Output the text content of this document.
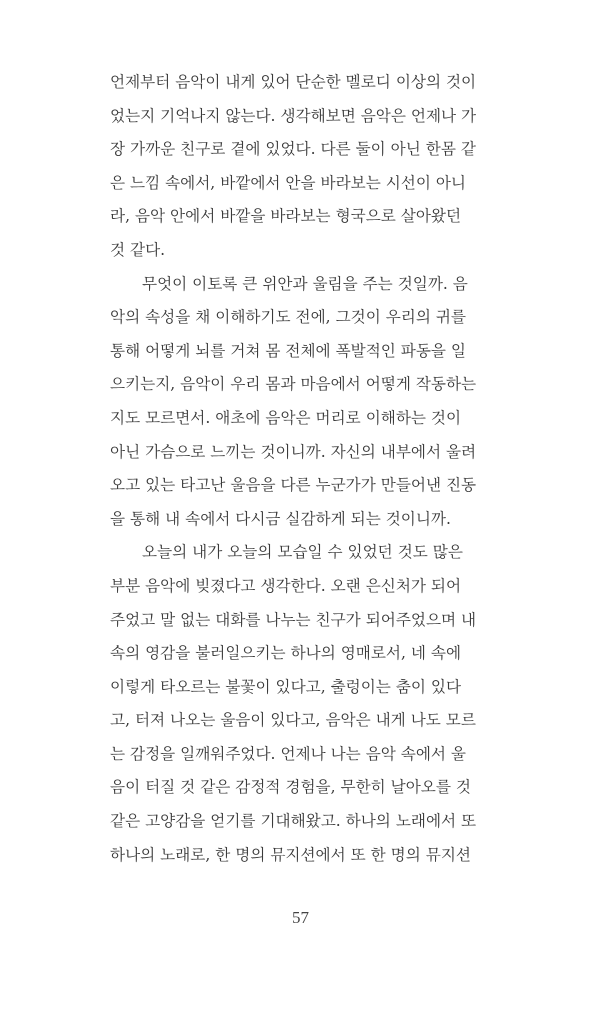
언제부터 음악이 내게 있어 단순한 멜로디 이상의 것이
었는지 기억나지 않는다. 생각해보면 음악은 언제나 가
장 가까운 친구로 곁에 있었다. 다른 둘이 아닌 한몸 같
은 느낌 속에서, 바깥에서 안을 바라보는 시선이 아니
라, 음악 안에서 바깥을 바라보는 형국으로 살아왔던
것 같다.
무엇이 이토록 큰 위안과 울림을 주는 것일까. 음
악의 속성을 채 이해하기도 전에, 그것이 우리의 귀를
통해 어떻게 뇌를 거쳐 몸 전체에 폭발적인 파동을 일
으키는지, 음악이 우리 몸과 마음에서 어떻게 작동하는
지도 모르면서. 애초에 음악은 머리로 이해하는 것이
아닌 가슴으로 느끼는 것이니까. 자신의 내부에서 울려
오고 있는 타고난 울음을 다른 누군가가 만들어낸 진동
을 통해 내 속에서 다시금 실감하게 되는 것이니까.
오늘의 내가 오늘의 모습일 수 있었던 것도 많은
부분 음악에 빚졌다고 생각한다. 오랜 은신처가 되어
주었고 말 없는 대화를 나누는 친구가 되어주었으며 내
속의 영감을 불러일으키는 하나의 영매로서, 네 속에
이렇게 타오르는 불꽃이 있다고, 출렁이는 춤이 있다
고, 터져 나오는 울음이 있다고, 음악은 내게 나도 모르
는 감정을 일깨워주었다. 언제나 나는 음악 속에서 울
음이 터질 것 같은 감정적 경험을, 무한히 날아오를 것
같은 고양감을 얻기를 기대해왔고. 하나의 노래에서 또
하나의 노래로, 한 명의 뮤지션에서 또 한 명의 뮤지션
57
